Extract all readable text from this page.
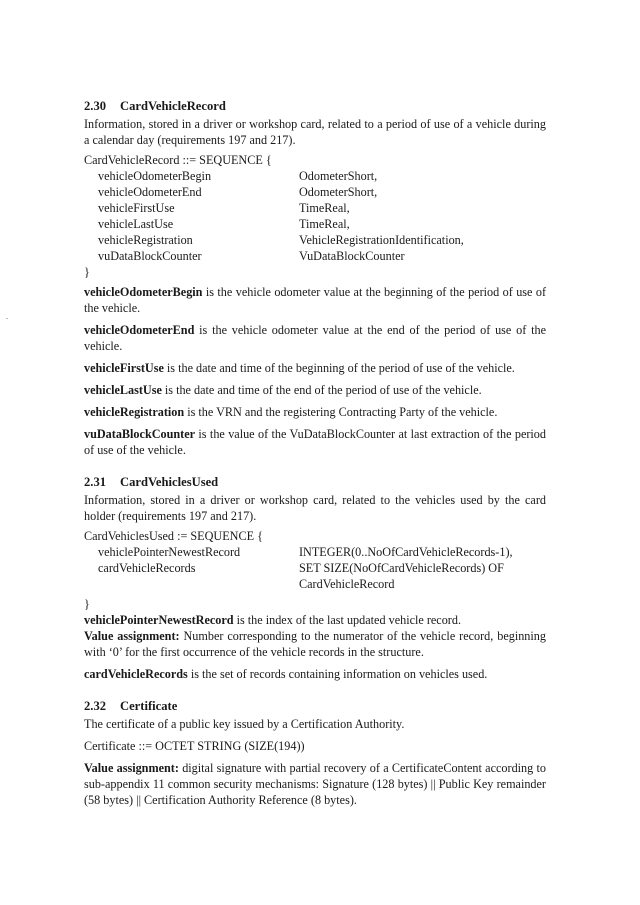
2.30 CardVehicleRecord

Information, stored in a driver or workshop card, related to a period of use of a vehicle during a calendar day (requirements 197 and 217).

CardVehicleRecord ::= SEQUENCE {
vehicleOdometerBegin	OdometerShort,
vehicleOdometerEnd	OdometerShort,
vehicleFirstUse	TimeReal,
vehicleLastUse	TimeReal,
vehicleRegistration	VehicleRegistrationIdentification,
vuDataBlockCounter	VuDataBlockCounter
}

vehicleOdometerBegin is the vehicle odometer value at the beginning of the period of use of the vehicle.

vehicleOdometerEnd is the vehicle odometer value at the end of the period of use of the vehicle.

vehicleFirstUse is the date and time of the beginning of the period of use of the vehicle.

vehicleLastUse is the date and time of the end of the period of use of the vehicle.

vehicleRegistration is the VRN and the registering Contracting Party of the vehicle.

vuDataBlockCounter is the value of the VuDataBlockCounter at last extraction of the period of use of the vehicle.

2.31 CardVehiclesUsed

Information, stored in a driver or workshop card, related to the vehicles used by the card holder (requirements 197 and 217).

CardVehiclesUsed := SEQUENCE {
vehiclePointerNewestRecord	INTEGER(0..NoOfCardVehicleRecords-1),
cardVehicleRecords	SET SIZE(NoOfCardVehicleRecords) OF
CardVehicleRecord
}

vehiclePointerNewestRecord is the index of the last updated vehicle record.

Value assignment: Number corresponding to the numerator of the vehicle record, beginning with ‘0’ for the first occurrence of the vehicle records in the structure.

cardVehicleRecords is the set of records containing information on vehicles used.

2.32 Certificate

The certificate of a public key issued by a Certification Authority.

Certificate ::= OCTET STRING (SIZE(194))

Value assignment: digital signature with partial recovery of a CertificateContent according to sub-appendix 11 common security mechanisms: Signature (128 bytes) || Public Key remainder (58 bytes) || Certification Authority Reference (8 bytes).
